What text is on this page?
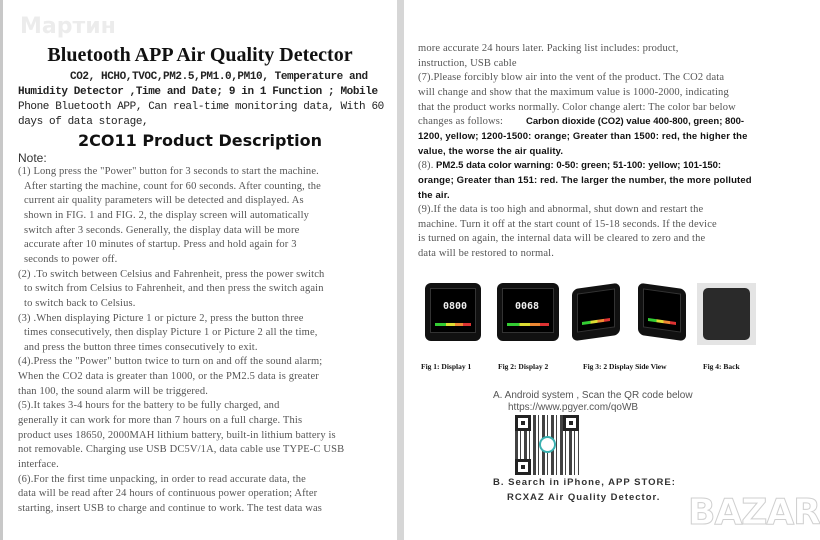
Мартин
Bluetooth APP Air Quality Detector
CO2, HCHO,TVOC,PM2.5,PM1.0,PM10, Temperature and
Humidity Detector ,Time and Date; 9 in 1 Function ; Mobile
Phone Bluetooth APP, Can real-time monitoring data, With 60
days of data storage,
2CO11 Product Description
Note:
(1) Long press the "Power" button for 3 seconds to start the machine.
After starting the machine, count for 60 seconds. After counting, the
current air quality parameters will be detected and displayed. As
shown in FIG. 1 and FIG. 2, the display screen will automatically
switch after 3 seconds. Generally, the display data will be more
accurate after 10 minutes of startup. Press and hold again for 3
seconds to power off.
(2) .To switch between Celsius and Fahrenheit, press the power switch
to switch from Celsius to Fahrenheit, and then press the switch again
to switch back to Celsius.
(3) .When displaying Picture 1 or picture 2, press the button three
times consecutively, then display Picture 1 or Picture 2 all the time,
and press the button three times consecutively to exit.
(4).Press the "Power" button twice to turn on and off the sound alarm;
When the CO2 data is greater than 1000, or the PM2.5 data is greater
than 100, the sound alarm will be triggered.
(5).It takes 3-4 hours for the battery to be fully charged, and
generally it can work for more than 7 hours on a full charge. This
product uses 18650, 2000MAH lithium battery, built-in lithium battery is
not removable. Charging use USB DC5V/1A, data cable use TYPE-C USB
interface.
(6).For the first time unpacking, in order to read accurate data, the
data will be read after 24 hours of continuous power operation; After
starting, insert USB to charge and continue to work. The test data was
more accurate 24 hours later. Packing list includes: product,
instruction, USB cable
(7).Please forcibly blow air into the vent of the product. The CO2 data
will change and show that the maximum value is 1000-2000, indicating
that the product works normally. Color change alert: The color bar below
changes as follows: Carbon dioxide (CO2) value 400-800, green; 800-
1200, yellow; 1200-1500: orange; Greater than 1500: red, the higher the
value, the worse the air quality.
(8). PM2.5 data color warning: 0-50: green; 51-100: yellow; 101-150:
orange; Greater than 151: red. The larger the number, the more polluted
the air.
(9).If the data is too high and abnormal, shut down and restart the
machine. Turn it off at the start count of 15-18 seconds. If the device
is turned on again, the internal data will be cleared to zero and the
data will be restored to normal.
0800	0068
Fig 1: Display 1	Fig 2: Display 2	Fig 3: 2 Display Side View	Fig 4: Back
A. Android system , Scan the QR code below
https://www.pgyer.com/qoWB
B. Search in iPhone, APP STORE:
RCXAZ Air Quality Detector. BAZAR
